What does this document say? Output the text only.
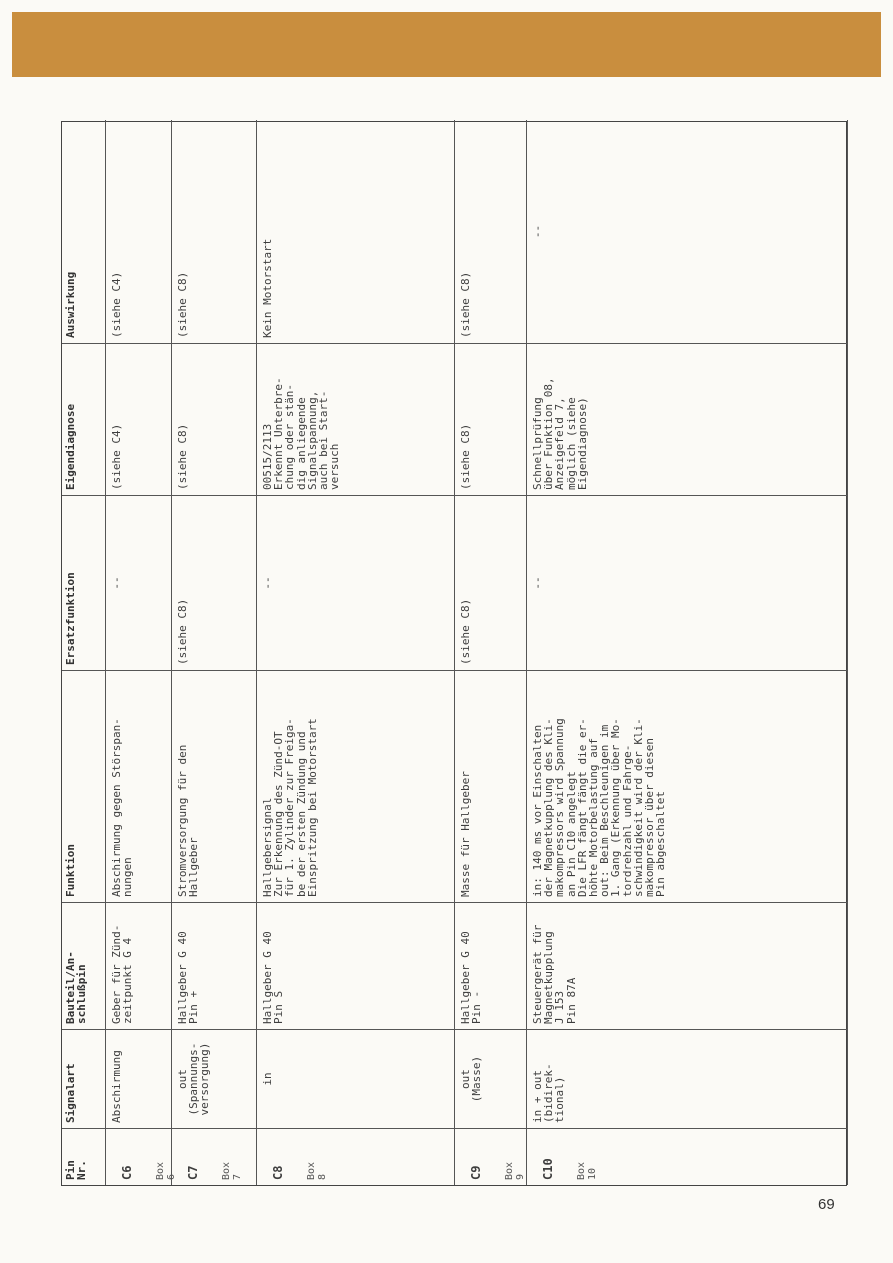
Pin Nr.
Signalart
Bauteil/An-
schlußpin
Funktion
Ersatzfunktion
Eigendiagnose
Auswirkung

C6 Box
6

Abschirmung
Geber für Zünd-
zeitpunkt G 4
Abschirmung gegen Störspan-
nungen
--
(siehe C4)
(siehe C4)

C7 Box
7

out
(Spannungs-
versorgung)
Hallgeber G 40
Pin +
Stromversorgung für den
Hallgeber
(siehe C8)
(siehe C8)
(siehe C8)

C8 Box
8

in
Hallgeber G 40
Pin S
Hallgebersignal
Zur Erkennung des Zünd-OT
für 1. Zylinder zur Freiga-
be der ersten Zündung und
Einspritzung bei Motorstart
--
00515/2113
Erkennt Unterbre-
chung oder stän-
dig anliegende
Signalspannung,
auch bei Start-
versuch
Kein Motorstart

C9 Box
9

out
(Masse)
Hallgeber G 40
Pin -
Masse für Hallgeber
(siehe C8)
(siehe C8)
(siehe C8)

C10 Box
10

in + out
(bidirek-
tional)
Steuergerät für
Magnetkupplung
J 153
Pin 87A
in: 140 ms vor Einschalten
der Magnetkupplung des Kli-
makompressors wird Spannung
an Pin C10 angelegt
Die LFR fängt fängt die er-
höhte Motorbelastung auf
out: Beim Beschleunigen im
1. Gang (Erkennung über Mo-
tordrehzahl und Fahrge-
schwindigkeit wird der Kli-
makompressor über diesen
Pin abgeschaltet
--
Schnellprüfung
über Funktion 08,
Anzeigefeld 7,
möglich (siehe
Eigendiagnose)
--
69
